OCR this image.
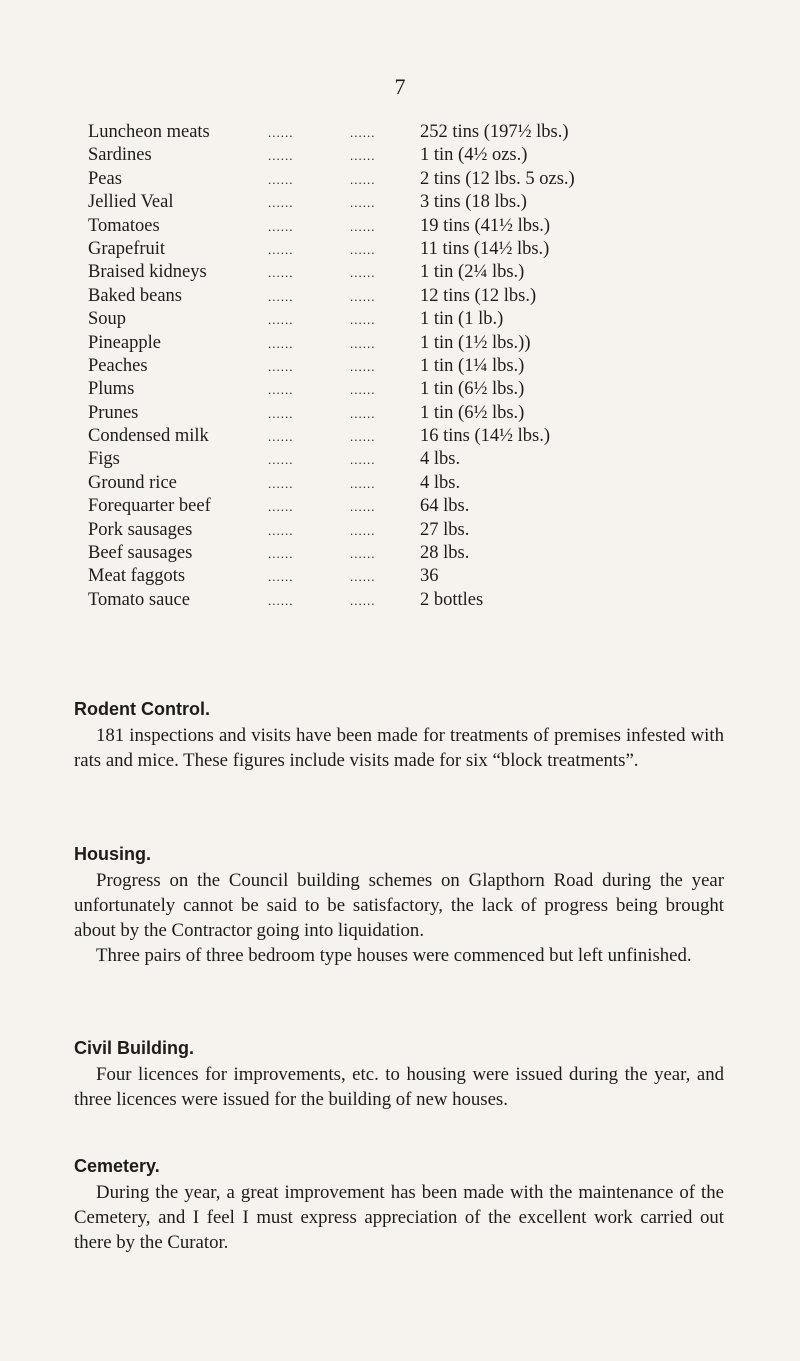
7
Luncheon meats	......	...... 252 tins (197½ lbs.)
Sardines	......	...... 1 tin (4½ ozs.)
Peas	......	...... 2 tins (12 lbs. 5 ozs.)
Jellied Veal	......	...... 3 tins (18 lbs.)
Tomatoes	......	...... 19 tins (41½ lbs.)
Grapefruit	......	...... 11 tins (14½ lbs.)
Braised kidneys	......	...... 1 tin (2¼ lbs.)
Baked beans	......	...... 12 tins (12 lbs.)
Soup	......	...... 1 tin (1 lb.)
Pineapple	......	...... 1 tin (1½ lbs.))
Peaches	......	...... 1 tin (1¼ lbs.)
Plums	......	...... 1 tin (6½ lbs.)
Prunes	......	...... 1 tin (6½ lbs.)
Condensed milk	......	...... 16 tins (14½ lbs.)
Figs	......	...... 4 lbs.
Ground rice	......	...... 4 lbs.
Forequarter beef	......	...... 64 lbs.
Pork sausages	......	...... 27 lbs.
Beef sausages	......	...... 28 lbs.
Meat faggots	......	...... 36
Tomato sauce	......	...... 2 bottles
Rodent Control.

181 inspections and visits have been made for treatments of premises infested with rats and mice. These figures include visits made for six “block treatments”.

Housing.

Progress on the Council building schemes on Glapthorn Road during the year unfortunately cannot be said to be satisfactory, the lack of progress being brought about by the Contractor going into liquidation.

Three pairs of three bedroom type houses were commenced but left unfinished.

Civil Building.

Four licences for improvements, etc. to housing were issued during the year, and three licences were issued for the building of new houses.

Cemetery.

During the year, a great improvement has been made with the maintenance of the Cemetery, and I feel I must express appreciation of the excellent work carried out there by the Curator.
